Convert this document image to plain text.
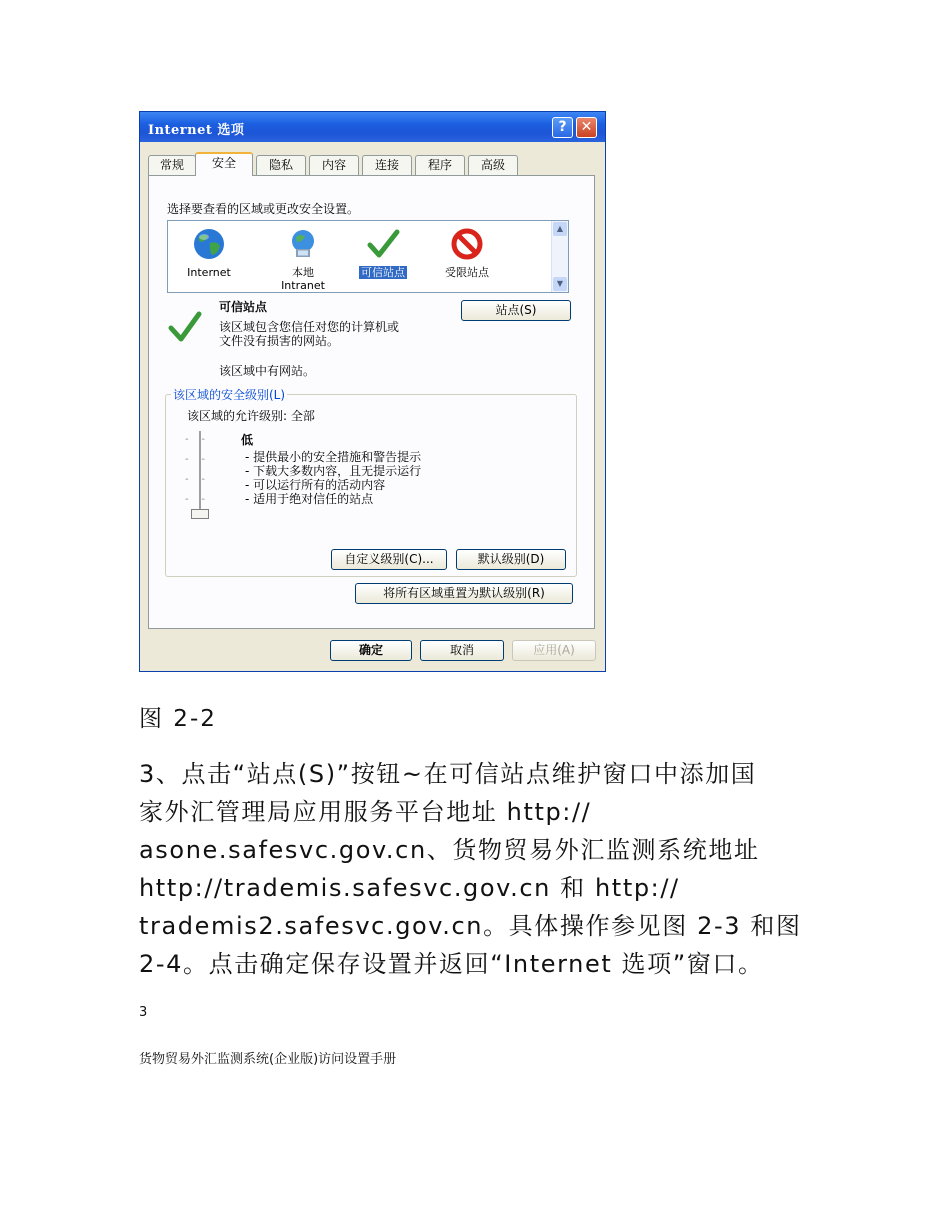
Internet 选项	?	✕
常规	安全	隐私	内容	连接	程序	高级
选择要查看的区域或更改安全设置。
Internet	本地
Intranet
可信站点	受限站点
▲
▼
可信站点
该区域包含您信任对您的计算机或
文件没有损害的网站。
该区域中有网站。
站点(S)
该区域的安全级别(L)
该区域的允许级别: 全部
-    -
-    -
-    -
-    -
低
- 提供最小的安全措施和警告提示
- 下载大多数内容，且无提示运行
- 可以运行所有的活动内容
- 适用于绝对信任的站点
自定义级别(C)...	默认级别(D)
将所有区域重置为默认级别(R)
确定	取消	应用(A)
图 2-2
3、点击“站点(S)”按钮~在可信站点维护窗口中添加国
家外汇管理局应用服务平台地址 http://
asone.safesvc.gov.cn、货物贸易外汇监测系统地址
http://trademis.safesvc.gov.cn 和 http://
trademis2.safesvc.gov.cn。具体操作参见图 2-3 和图
2-4。点击确定保存设置并返回“Internet 选项”窗口。
3
货物贸易外汇监测系统(企业版)访问设置手册
